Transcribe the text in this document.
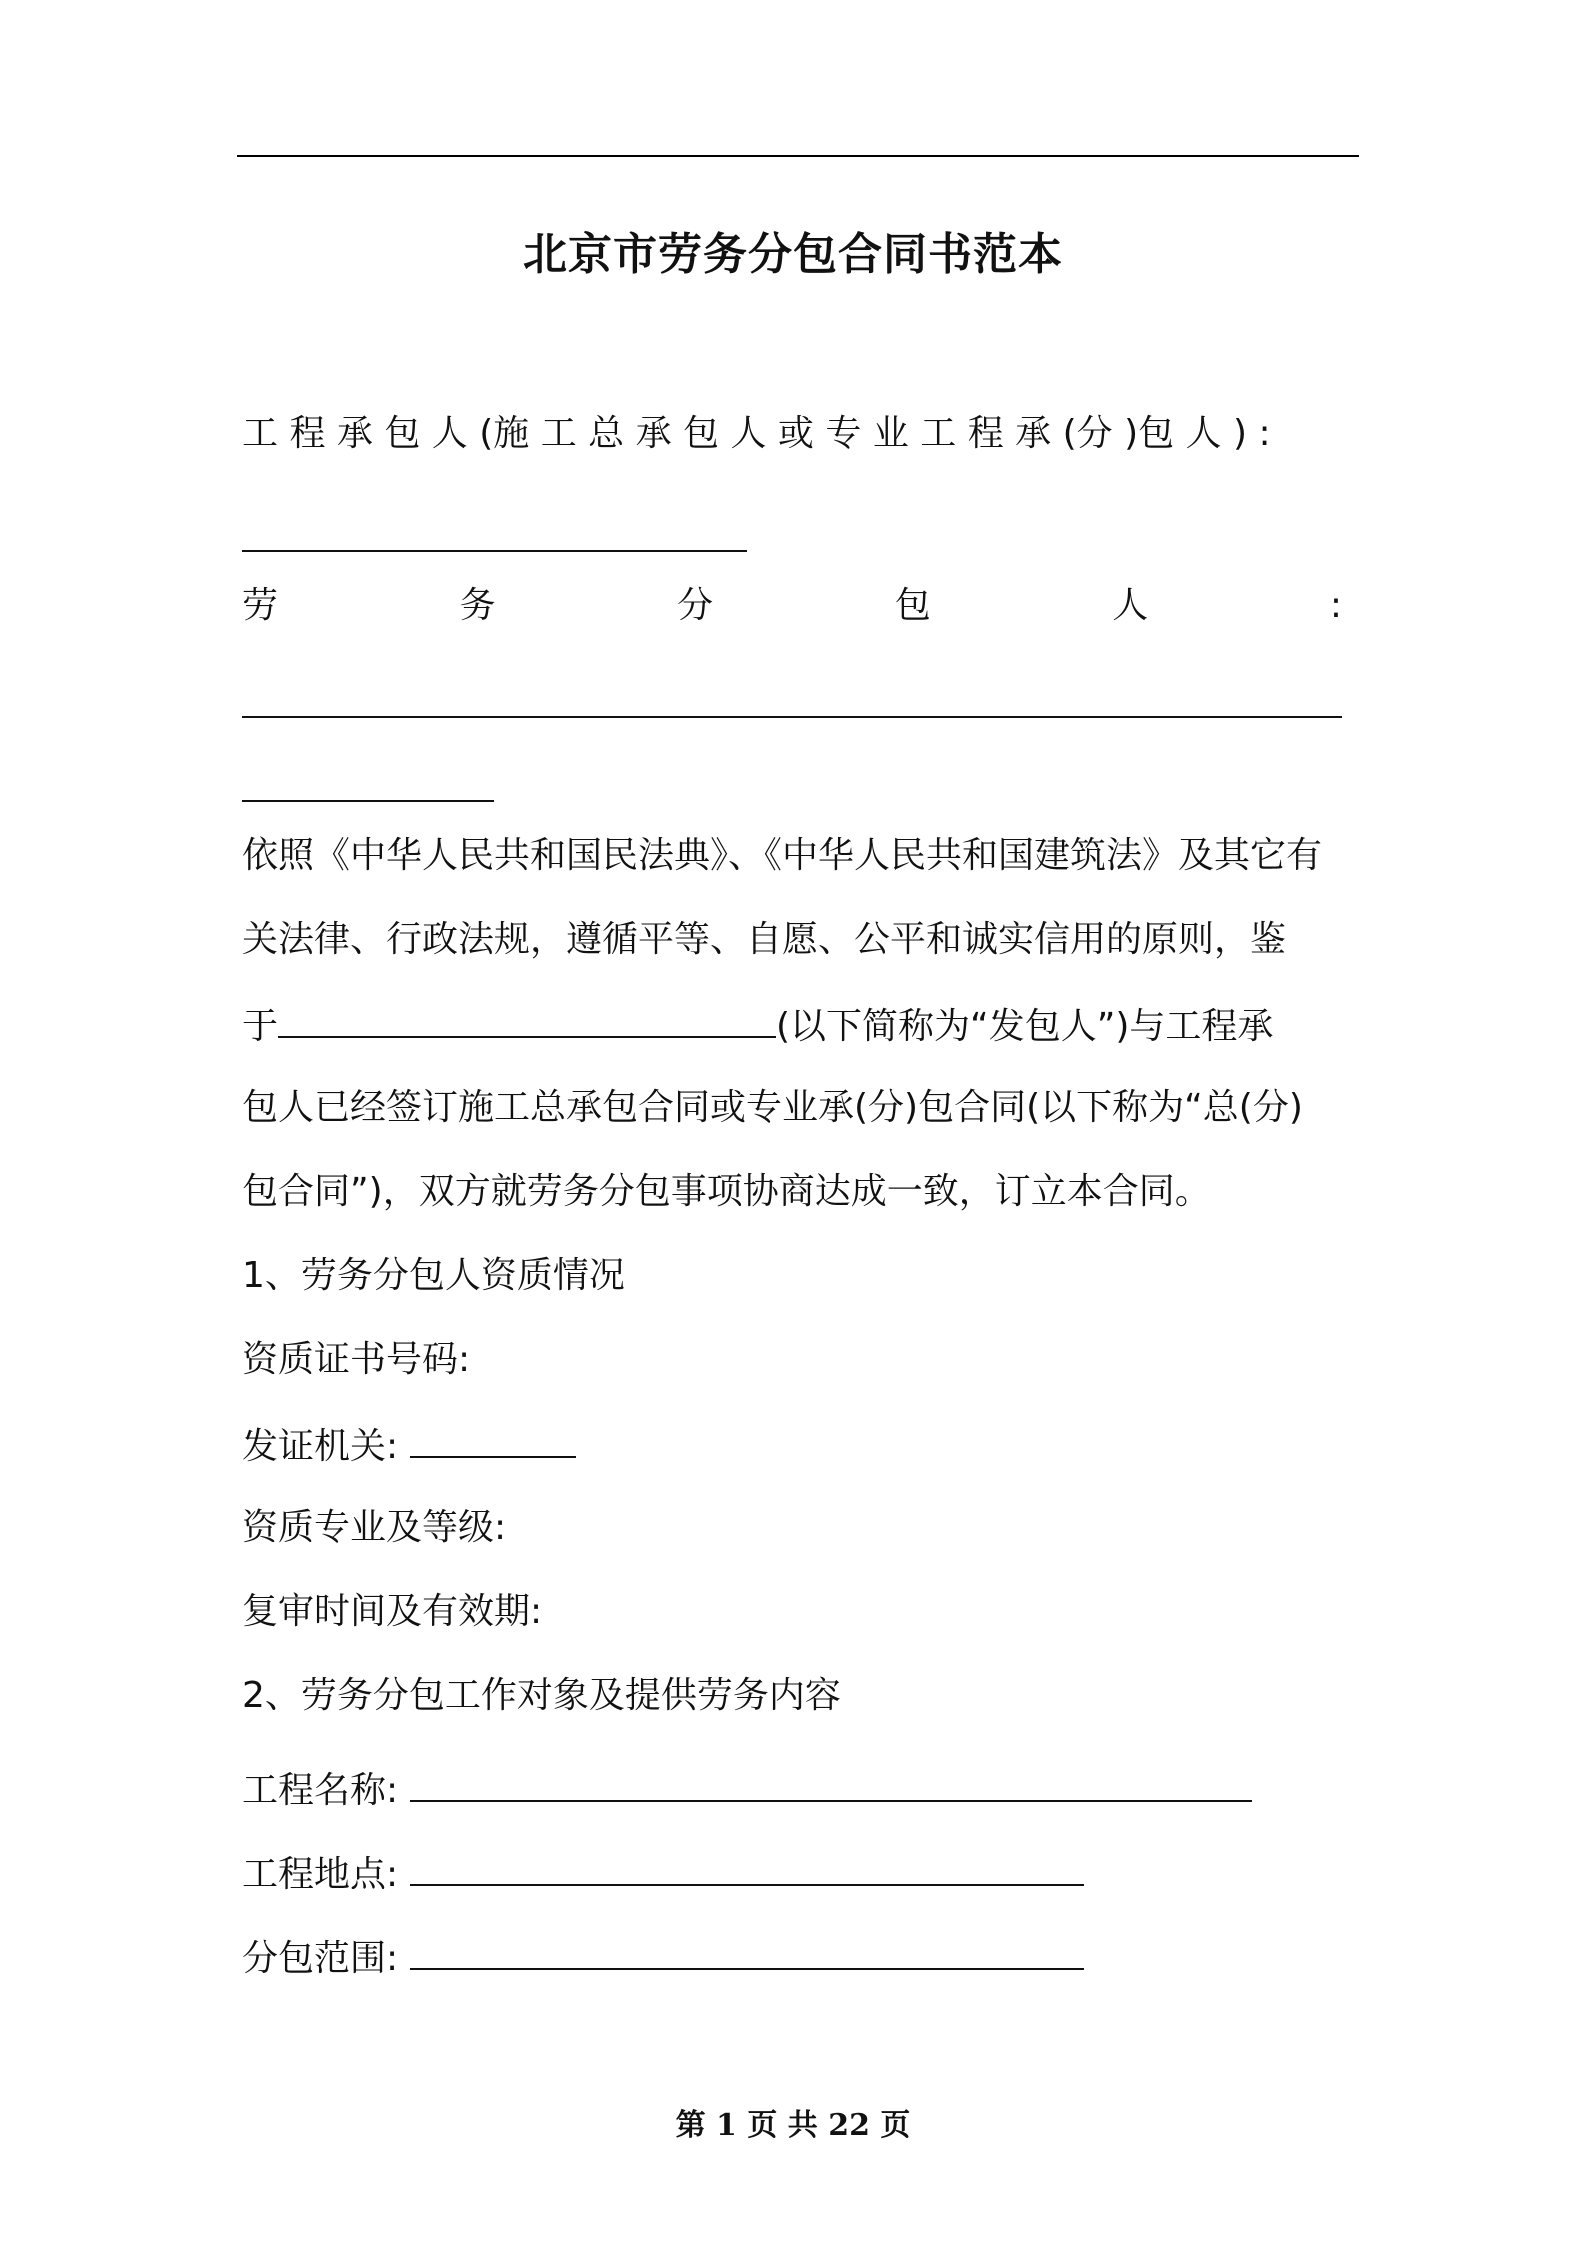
北京市劳务分包合同书范本
工 程 承 包 人 (施 工 总 承 包 人 或 专 业 工 程 承 (分 )包 人 ) :
劳	务	分	包	人	:
依照《中华人民共和国民法典》、《中华人民共和国建筑法》及其它有
关法律、行政法规，遵循平等、自愿、公平和诚实信用的原则，鉴
于	(以下简称为“发包人”)与工程承
包人已经签订施工总承包合同或专业承(分)包合同(以下称为“总(分)
包合同”)，双方就劳务分包事项协商达成一致，订立本合同。
1、劳务分包人资质情况
资质证书号码:
发证机关:
资质专业及等级:
复审时间及有效期:
2、劳务分包工作对象及提供劳务内容
工程名称:
工程地点:
分包范围:
第 1 页 共 22 页
